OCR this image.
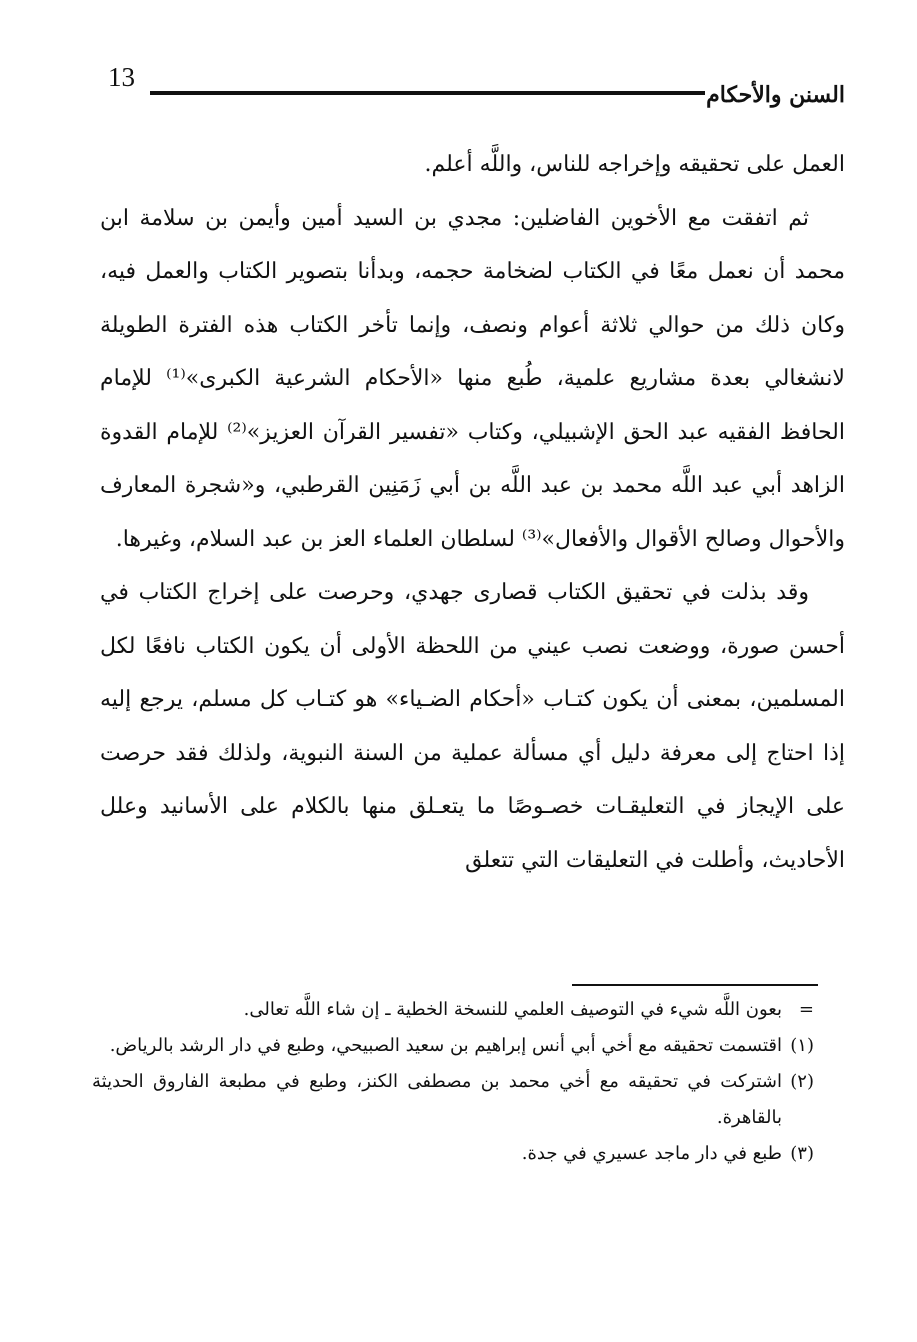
السنن والأحكام
13

العمل على تحقيقه وإخراجه للناس، واللَّه أعلم.

ثم اتفقت مع الأخوين الفاضلين: مجدي بن السيد أمين وأيمن بن سلامة ابن محمد أن نعمل معًا في الكتاب لضخامة حجمه، وبدأنا بتصوير الكتاب والعمل فيه، وكان ذلك من حوالي ثلاثة أعوام ونصف، وإنما تأخر الكتاب هذه الفترة الطويلة لانشغالي بعدة مشاريع علمية، طُبع منها «الأحكام الشرعية الكبرى»⁽¹⁾ للإمام الحافظ الفقيه عبد الحق الإشبيلي، وكتاب «تفسير القرآن العزيز»⁽²⁾ للإمام القدوة الزاهد أبي عبد اللَّه محمد بن عبد اللَّه بن أبي زَمَنِين القرطبي، و«شجرة المعارف والأحوال وصالح الأقوال والأفعال»⁽³⁾ لسلطان العلماء العز بن عبد السلام، وغيرها.

وقد بذلت في تحقيق الكتاب قصارى جهدي، وحرصت على إخراج الكتاب في أحسن صورة، ووضعت نصب عيني من اللحظة الأولى أن يكون الكتاب نافعًا لكل المسلمين، بمعنى أن يكون كتـاب «أحكام الضـياء» هو كتـاب كل مسلم، يرجع إليه إذا احتاج إلى معرفة دليل أي مسألة عملية من السنة النبوية، ولذلك فقد حرصت على الإيجاز في التعليقـات خصـوصًا ما يتعـلق منها بالكلام على الأسانيد وعلل الأحاديث، وأطلت في التعليقات التي تتعلق

=
بعون اللَّه شيء في التوصيف العلمي للنسخة الخطية ـ إن شاء اللَّه تعالى.

(١)
اقتسمت تحقيقه مع أخي أبي أنس إبراهيم بن سعيد الصبيحي، وطبع في دار الرشد بالرياض.

(٢)
اشتركت في تحقيقه مع أخي محمد بن مصطفى الكنز، وطبع في مطبعة الفاروق الحديثة بالقاهرة.

(٣)
طبع في دار ماجد عسيري في جدة.
